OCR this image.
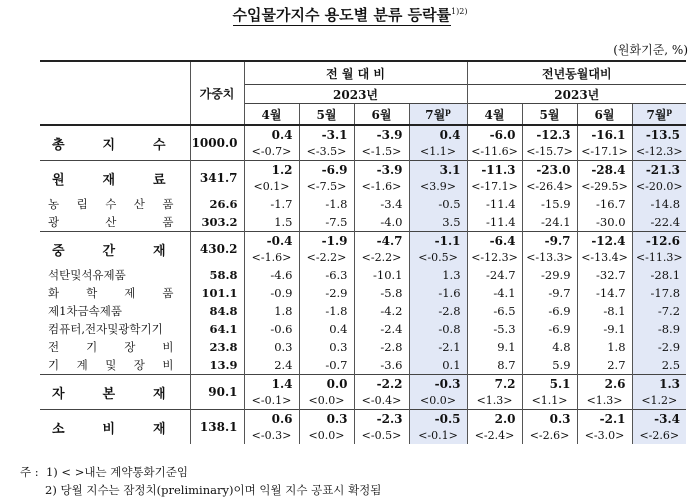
수입물가지수 용도별 분류 등락률$^{1)2)}$
(원화기준, %)
	가중치	전 월 대 비				전년동월대비			
		2023년				2023년			
		4월	5월	6월	7월$^p$	4월	5월	6월	7월$^p$

총 지 수	1000.0	0.4	-3.1	-3.9	0.4	-6.0	-12.3	-16.1	-13.5
		<-0.7>	<-3.5>	<-1.5>	<1.1>	<-11.6>	<-15.7>	<-17.1>	<-12.3>

원 재 료	341.7	1.2	-6.9	-3.9	3.1	-11.3	-23.0	-28.4	-21.3
		<0.1>	<-7.5>	<-1.6>	<3.9>	<-17.1>	<-26.4>	<-29.5>	<-20.0>

농 림 수 산 품	26.6	-1.7	-1.8	-3.4	-0.5	-11.4	-15.9	-16.7	-14.8

광 산 품	303.2	1.5	-7.5	-4.0	3.5	-11.4	-24.1	-30.0	-22.4

중 간 재	430.2	-0.4	-1.9	-4.7	-1.1	-6.4	-9.7	-12.4	-12.6
		<-1.6>	<-2.2>	<-2.2>	<-0.5>	<-12.3>	<-13.3>	<-13.4>	<-11.3>

석탄및석유제품	58.8	-4.6	-6.3	-10.1	1.3	-24.7	-29.9	-32.7	-28.1

화 학 제 품	101.1	-0.9	-2.9	-5.8	-1.6	-4.1	-9.7	-14.7	-17.8

제1차금속제품	84.8	1.8	-1.8	-4.2	-2.8	-6.5	-6.9	-8.1	-7.2

컴퓨터,전자및광학기기	64.1	-0.6	0.4	-2.4	-0.8	-5.3	-6.9	-9.1	-8.9

전 기 장 비	23.8	0.3	0.3	-2.8	-2.1	9.1	4.8	1.8	-2.9

기 계 및 장 비	13.9	2.4	-0.7	-3.6	0.1	8.7	5.9	2.7	2.5

자 본 재	90.1	1.4	0.0	-2.2	-0.3	7.2	5.1	2.6	1.3
		<-0.1>	<0.0>	<-0.4>	<0.0>	<1.3>	<1.1>	<1.3>	<1.2>

소 비 재	138.1	0.6	0.3	-2.3	-0.5	2.0	0.3	-2.1	-3.4
		<-0.3>	<0.0>	<-0.5>	<-0.1>	<-2.4>	<-2.6>	<-3.0>	<-2.6>
주 : 1) < >내는 계약통화기준임
2) 당월 지수는 잠정치(preliminary)이며 익월 지수 공표시 확정됨
